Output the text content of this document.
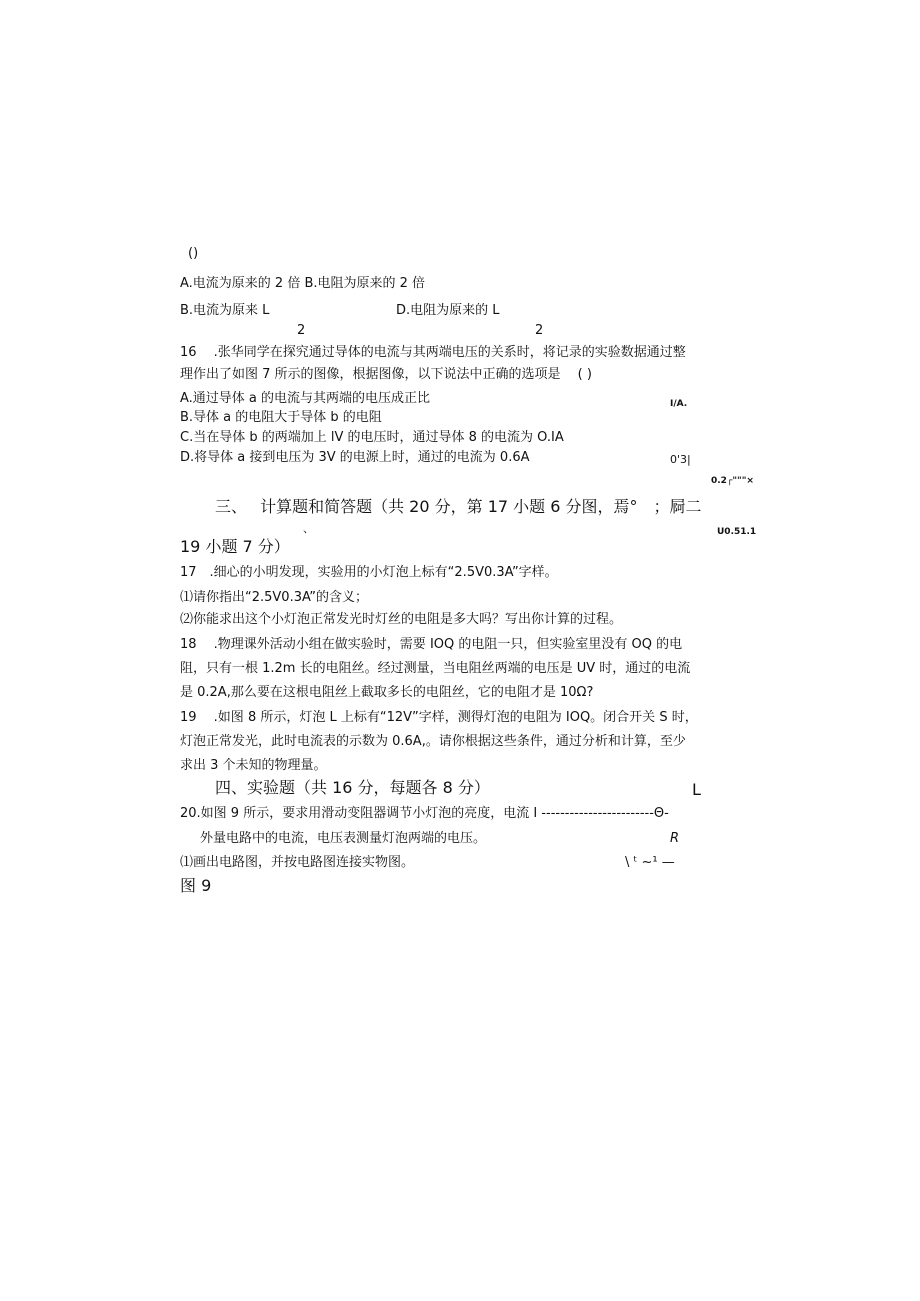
()
A.电流为原来的 2 倍 B.电阻为原来的 2 倍
B.电流为原来 L	D.电阻为原来的 L
2	2
16　 .张华同学在探究通过导体的电流与其两端电压的关系时，将记录的实验数据通过整
理作出了如图 7 所示的图像，根据图像，以下说法中正确的选项是　 ( )
A.通过导体 a 的电流与其两端的电压成正比
B.导体 a 的电阻大于导体 b 的电阻
C.当在导体 b 的两端加上 lV 的电压时，通过导体 8 的电流为 O.IA
D.将导体 a 接到电压为 3V 的电源上时，通过的电流为 0.6A
I/A.
0'3|
0.2┌"""×
三、　 计算题和简答题（共 20 分，第 17 小题 6 分图，焉°　；屙二
、	U0.51.1
19 小题 7 分）
17　.细心的小明发现，实验用的小灯泡上标有“2.5V0.3A”字样。
⑴请你指出“2.5V0.3A”的含义；
⑵你能求出这个小灯泡正常发光时灯丝的电阻是多大吗？写出你计算的过程。
18　 .物理课外活动小组在做实验时，需要 IOQ 的电阻一只，但实验室里没有 OQ 的电
阻，只有一根 1.2m 长的电阻丝。经过测量，当电阻丝两端的电压是 UV 时，通过的电流
是 0.2A,那么要在这根电阻丝上截取多长的电阻丝，它的电阻才是 10Ω?
19　 .如图 8 所示，灯泡 L 上标有“12V”字样，测得灯泡的电阻为 IOQ。闭合开关 S 时，
灯泡正常发光，此时电流表的示数为 0.6A,。请你根据这些条件，通过分析和计算，至少
求出 3 个未知的物理量。
四、实验题（共 16 分，每题各 8 分）	L
20.如图 9 所示，要求用滑动变阻器调节小灯泡的亮度，电流 I ------------------------Θ-
外量电路中的电流，电压表测量灯泡两端的电压。	R
⑴画出电路图，并按电路图连接实物图。	\ ᵗ ~¹ —
图 9
